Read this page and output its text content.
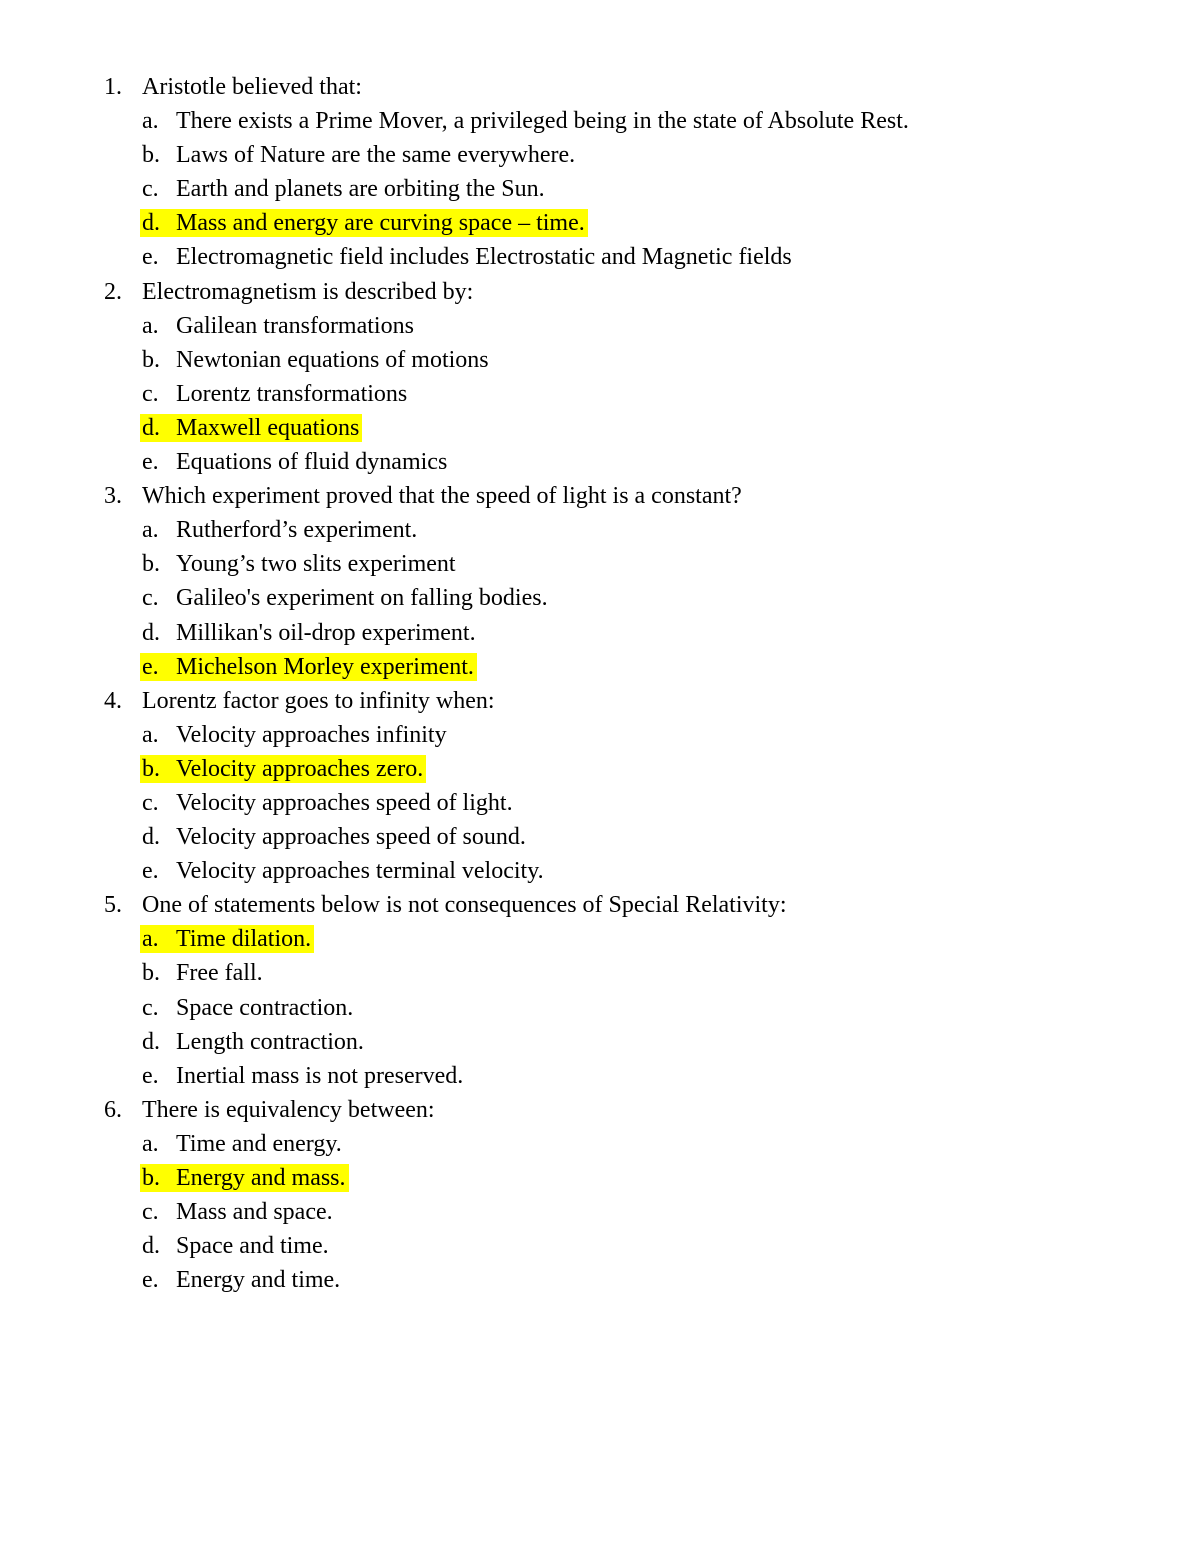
1. Aristotle believed that:
a. There exists a Prime Mover, a privileged being in the state of Absolute Rest.
b. Laws of Nature are the same everywhere.
c. Earth and planets are orbiting the Sun.
d. Mass and energy are curving space – time.
e. Electromagnetic field includes Electrostatic and Magnetic fields
2. Electromagnetism is described by:
a. Galilean transformations
b. Newtonian equations of motions
c. Lorentz transformations
d. Maxwell equations
e. Equations of fluid dynamics
3. Which experiment proved that the speed of light is a constant?
a. Rutherford’s experiment.
b. Young’s two slits experiment
c. Galileo's experiment on falling bodies.
d. Millikan's oil-drop experiment.
e. Michelson Morley experiment.
4. Lorentz factor goes to infinity when:
a. Velocity approaches infinity
b. Velocity approaches zero.
c. Velocity approaches speed of light.
d. Velocity approaches speed of sound.
e. Velocity approaches terminal velocity.
5. One of statements below is not consequences of Special Relativity:
a. Time dilation.
b. Free fall.
c. Space contraction.
d. Length contraction.
e. Inertial mass is not preserved.
6. There is equivalency between:
a. Time and energy.
b. Energy and mass.
c. Mass and space.
d. Space and time.
e. Energy and time.
